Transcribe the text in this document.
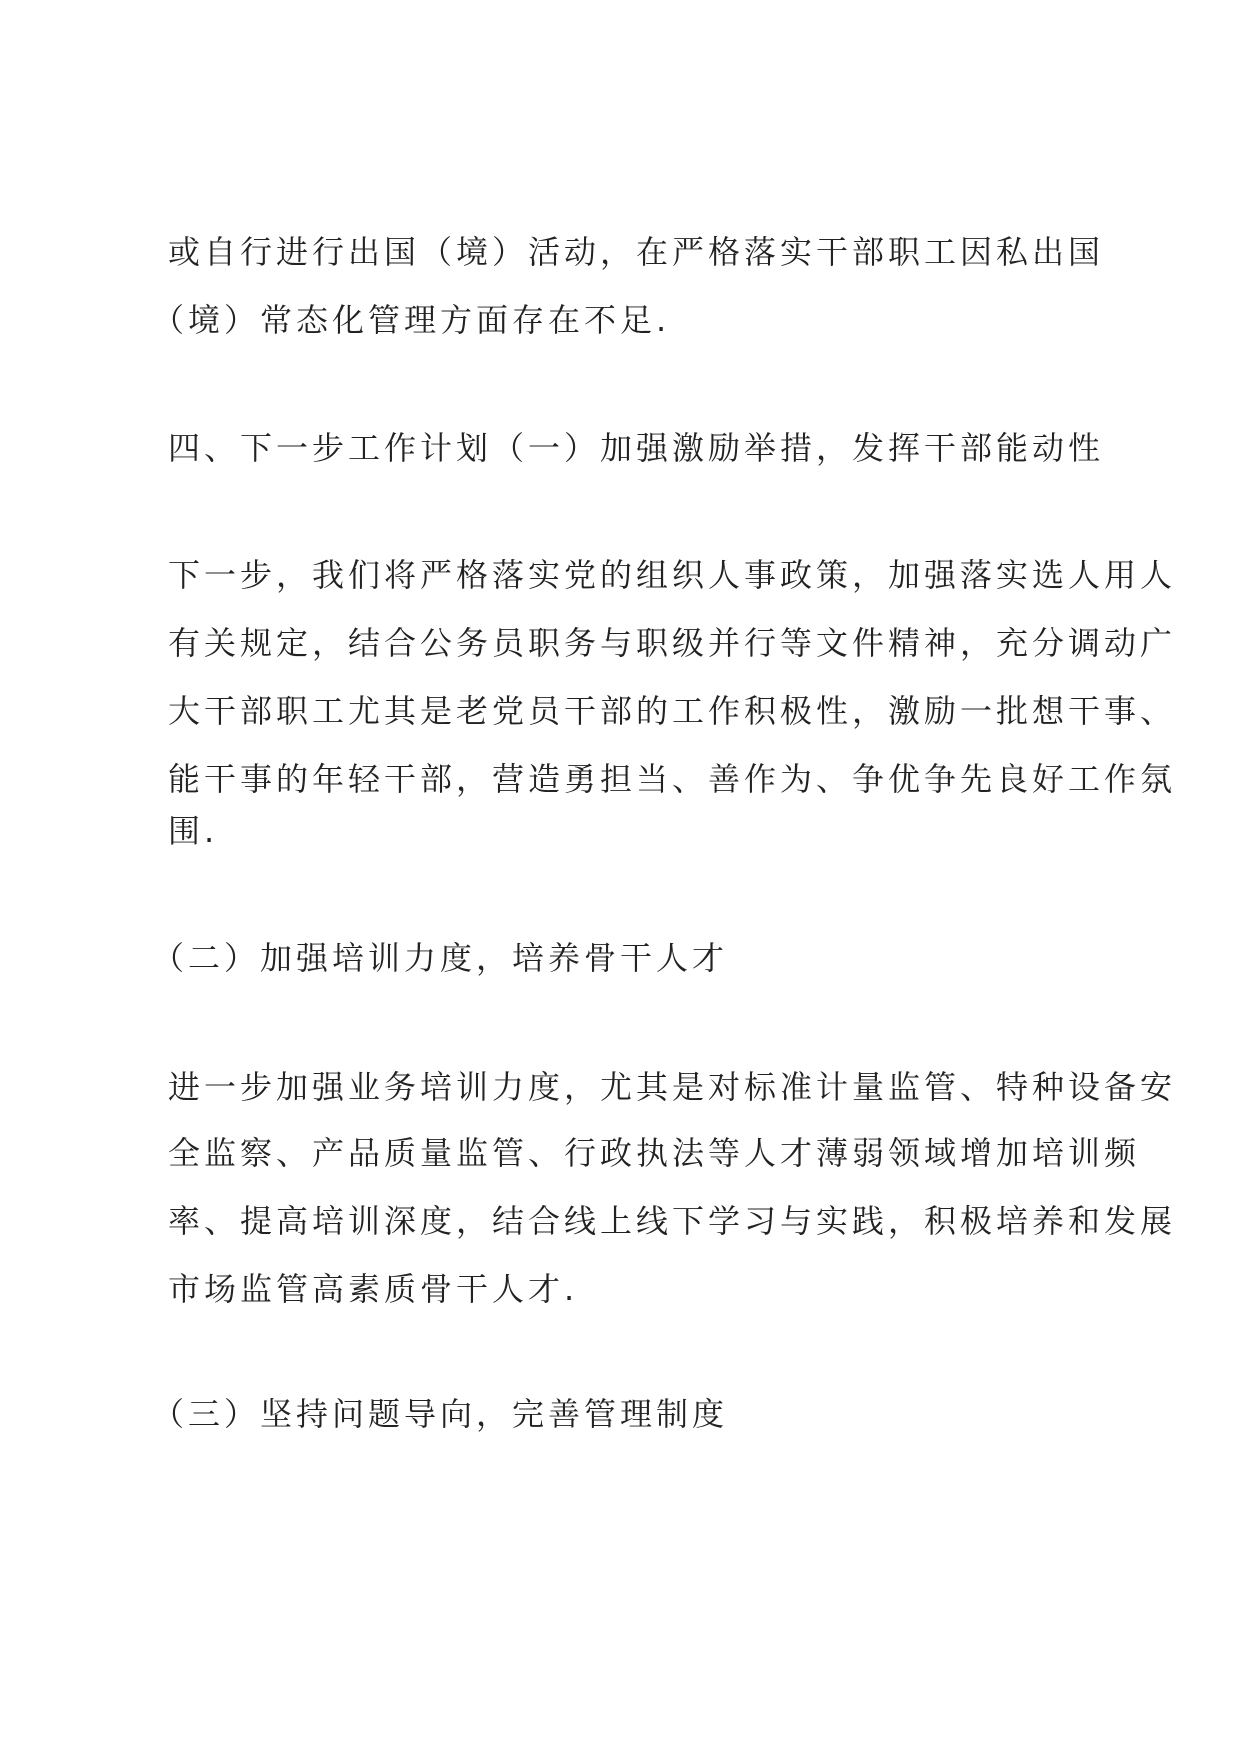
或自行进行出国（境）活动，在严格落实干部职工因私出国
（境）常态化管理方面存在不足.
四、下一步工作计划（一）加强激励举措，发挥干部能动性
下一步，我们将严格落实党的组织人事政策，加强落实选人用人
有关规定，结合公务员职务与职级并行等文件精神，充分调动广
大干部职工尤其是老党员干部的工作积极性，激励一批想干事、
能干事的年轻干部，营造勇担当、善作为、争优争先良好工作氛
围.
（二）加强培训力度，培养骨干人才
进一步加强业务培训力度，尤其是对标准计量监管、特种设备安
全监察、产品质量监管、行政执法等人才薄弱领域增加培训频
率、提高培训深度，结合线上线下学习与实践，积极培养和发展
市场监管高素质骨干人才.
（三）坚持问题导向，完善管理制度
